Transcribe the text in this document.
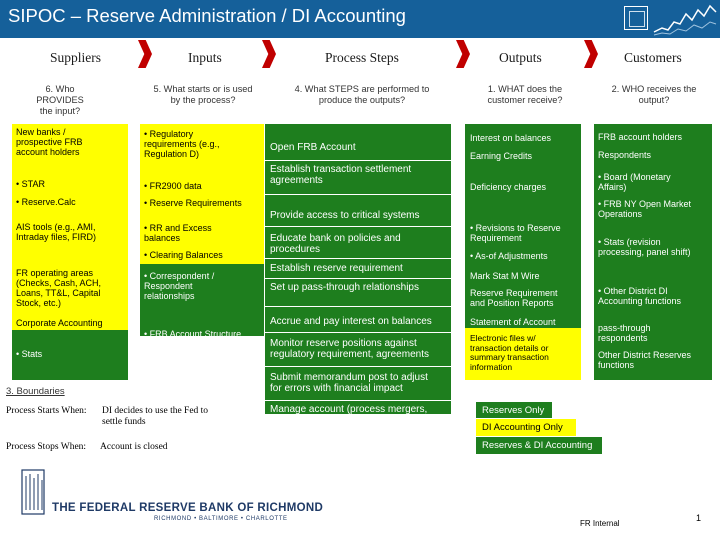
SIPOC – Reserve Administration / DI Accounting
Suppliers	Inputs	Process Steps	Outputs	Customers
6. Who
PROVIDES
the input?
5. What starts or is used
by the process?
4. What STEPS are performed to
produce the outputs?
1. WHAT does the
customer receive?
2. WHO receives the
output?
New banks /
prospective FRB
account holders
• STAR
• Reserve.Calc
AIS tools (e.g., AMI,
Intraday files, FIRD)
FR operating areas
(Checks, Cash, ACH,
Loans, TT&L, Capital
Stock, etc.)
Corporate Accounting
• Stats
• Regulatory
requirements (e.g.,
Regulation D)
• FR2900 data
• Reserve Requirements
• RR and Excess
balances
• Clearing Balances
• Correspondent /
Respondent
relationships
• FRB Account Structure
Open FRB Account
Establish transaction settlement
agreements
Provide access to critical systems
Educate bank on policies and
procedures
Establish reserve requirement
Set up pass-through relationships
Accrue and pay interest on balances
Monitor reserve positions against
regulatory requirement, agreements
Submit memorandum post to adjust
for errors with financial impact
Manage account (process mergers,
change relationships, close account
when appropriate)
Interest on balances
Earning Credits
Deficiency charges
• Revisions to Reserve
Requirement
• As-of Adjustments
Mark Stat M Wire
Reserve Requirement
and Position Reports
Statement of Account
Electronic files w/
transaction details or
summary transaction
information
FRB account holders
Respondents
• Board (Monetary
Affairs)
• FRB NY Open Market
Operations
• Stats (revision
processing, panel shift)
• Other District DI
Accounting functions
pass-through
respondents
Other District Reserves
functions
3. Boundaries
Process Starts When: DI decides to use the Fed to
settle funds
Process Stops When: Account is closed
Reserves Only
DI Accounting Only
Reserves & DI Accounting
THE FEDERAL RESERVE BANK OF RICHMOND
RICHMOND • BALTIMORE • CHARLOTTE	FR Internal
1
